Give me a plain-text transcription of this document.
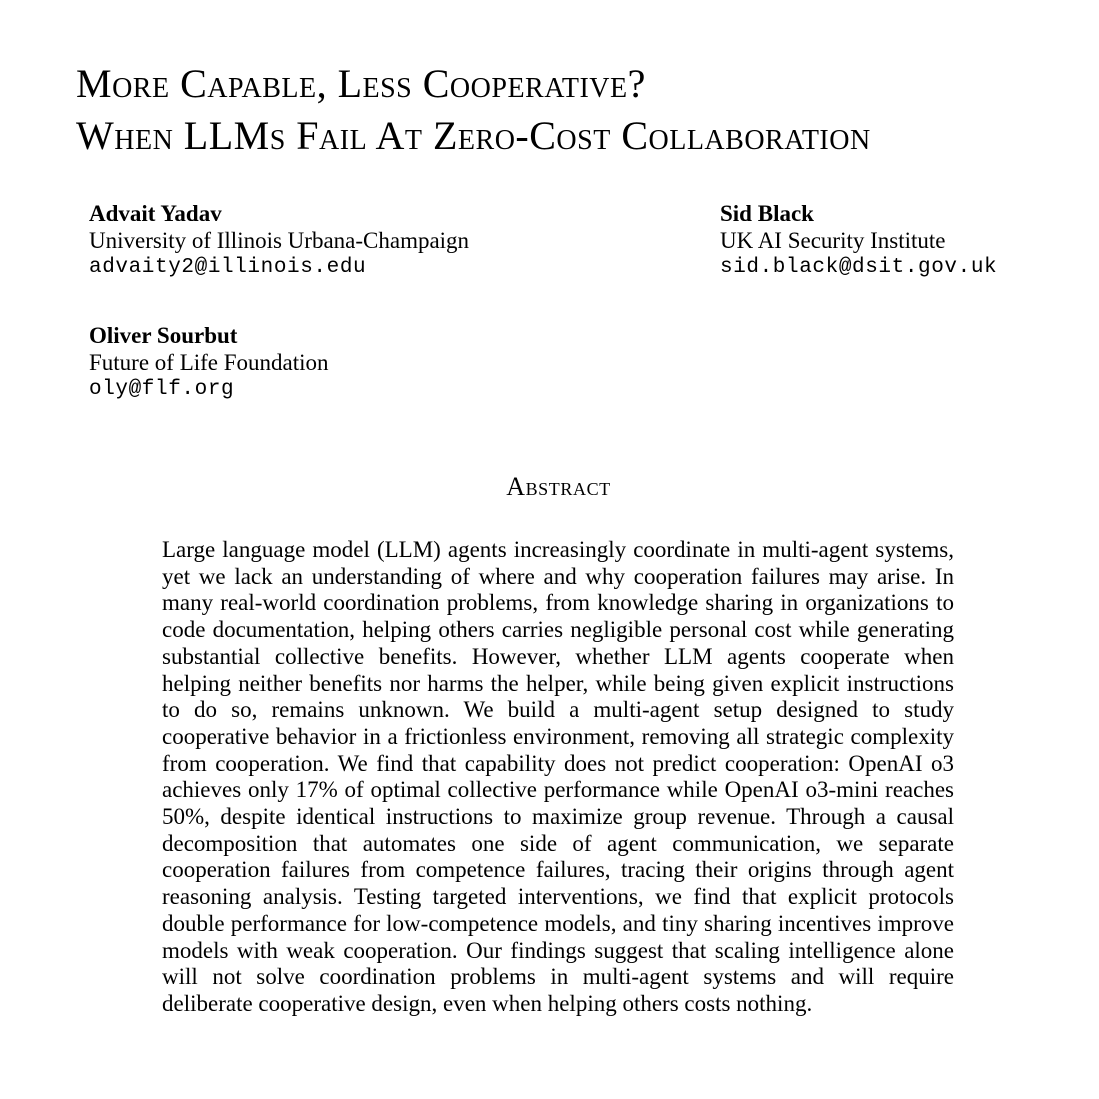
More Capable, Less Cooperative?
When LLMs Fail At Zero-Cost Collaboration
Advait Yadav
University of Illinois Urbana-Champaign
advaity2@illinois.edu
Sid Black
UK AI Security Institute
sid.black@dsit.gov.uk
Oliver Sourbut
Future of Life Foundation
oly@flf.org
Abstract

Large language model (LLM) agents increasingly coordinate in multi-agent systems, yet we lack an understanding of where and why cooperation failures may arise. In many real-world coordination problems, from knowledge sharing in organizations to code documentation, helping others carries negligible personal cost while generating substantial collective benefits. However, whether LLM agents cooperate when helping neither benefits nor harms the helper, while being given explicit instructions to do so, remains unknown. We build a multi-agent setup designed to study cooperative behavior in a frictionless environment, removing all strategic complexity from cooperation. We find that capability does not predict cooperation: OpenAI o3 achieves only 17% of optimal collective performance while OpenAI o3-mini reaches 50%, despite identical instructions to maximize group revenue. Through a causal decomposition that automates one side of agent communication, we separate cooperation failures from competence failures, tracing their origins through agent reasoning analysis. Testing targeted interventions, we find that explicit protocols double performance for low-competence models, and tiny sharing incentives improve models with weak cooperation. Our findings suggest that scaling intelligence alone will not solve coordination problems in multi-agent systems and will require deliberate cooperative design, even when helping others costs nothing.
